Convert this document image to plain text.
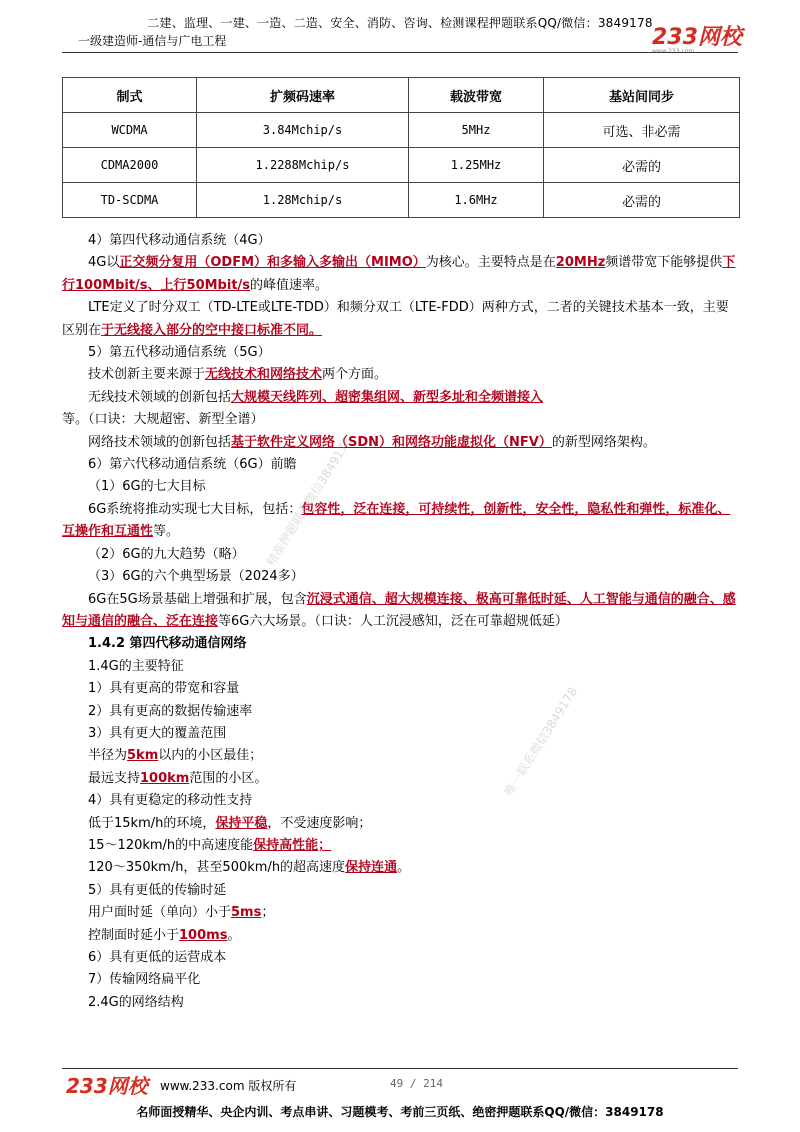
二建、监理、一建、一造、二造、安全、消防、咨询、检测课程押题联系QQ/微信：3849178
一级建造师-通信与广电工程	233网校
制式	扩频码速率	载波带宽	基站间同步
WCDMA	3.84Mchip/s	5MHz	可选、非必需
CDMA2000	1.2288Mchip/s	1.25MHz	必需的
TD-SCDMA	1.28Mchip/s	1.6MHz	必需的

4）第四代移动通信系统（4G）

4G以正交频分复用（ODFM）和多输入多输出（MIMO）为核心。主要特点是在20MHz频谱带宽下能够提供下行100Mbit/s、上行50Mbit/s的峰值速率。

LTE定义了时分双工（TD-LTE或LTE-TDD）和频分双工（LTE-FDD）两种方式，二者的关键技术基本一致，主要区别在于无线接入部分的空中接口标准不同。

5）第五代移动通信系统（5G）

技术创新主要来源于无线技术和网络技术两个方面。

无线技术领域的创新包括大规模天线阵列、超密集组网、新型多址和全频谱接入等。（口诀：大规超密、新型全谱）

网络技术领域的创新包括基于软件定义网络（SDN）和网络功能虚拟化（NFV）的新型网络架构。

6）第六代移动通信系统（6G）前瞻

（1）6G的七大目标

6G系统将推动实现七大目标，包括：包容性，泛在连接，可持续性，创新性，安全性，隐私性和弹性，标准化、互操作和互通性等。

（2）6G的九大趋势（略）

（3）6G的六个典型场景（2024多）

6G在5G场景基础上增强和扩展，包含沉浸式通信、超大规模连接、极高可靠低时延、人工智能与通信的融合、感知与通信的融合、泛在连接等6G六大场景。（口诀：人工沉浸感知，泛在可靠超规低延）

1.4.2 第四代移动通信网络

1.4G的主要特征

1）具有更高的带宽和容量

2）具有更高的数据传输速率

3）具有更大的覆盖范围

半径为5km以内的小区最佳；

最远支持100km范围的小区。

4）具有更稳定的移动性支持

低于15km/h的环境，保持平稳，不受速度影响；

15～120km/h的中高速度能保持高性能；

120～350km/h，甚至500km/h的超高速度保持连通。

5）具有更低的传输时延

用户面时延（单向）小于5ms；

控制面时延小于100ms。

6）具有更低的运营成本

7）传输网络扁平化

2.4G的网络结构

精准押题联系微信3849178
唯一联系微信3849178
233网校 www.233.com 版权所有	49 / 214
名师面授精华、央企内训、考点串讲、习题模考、考前三页纸、绝密押题联系QQ/微信：3849178
